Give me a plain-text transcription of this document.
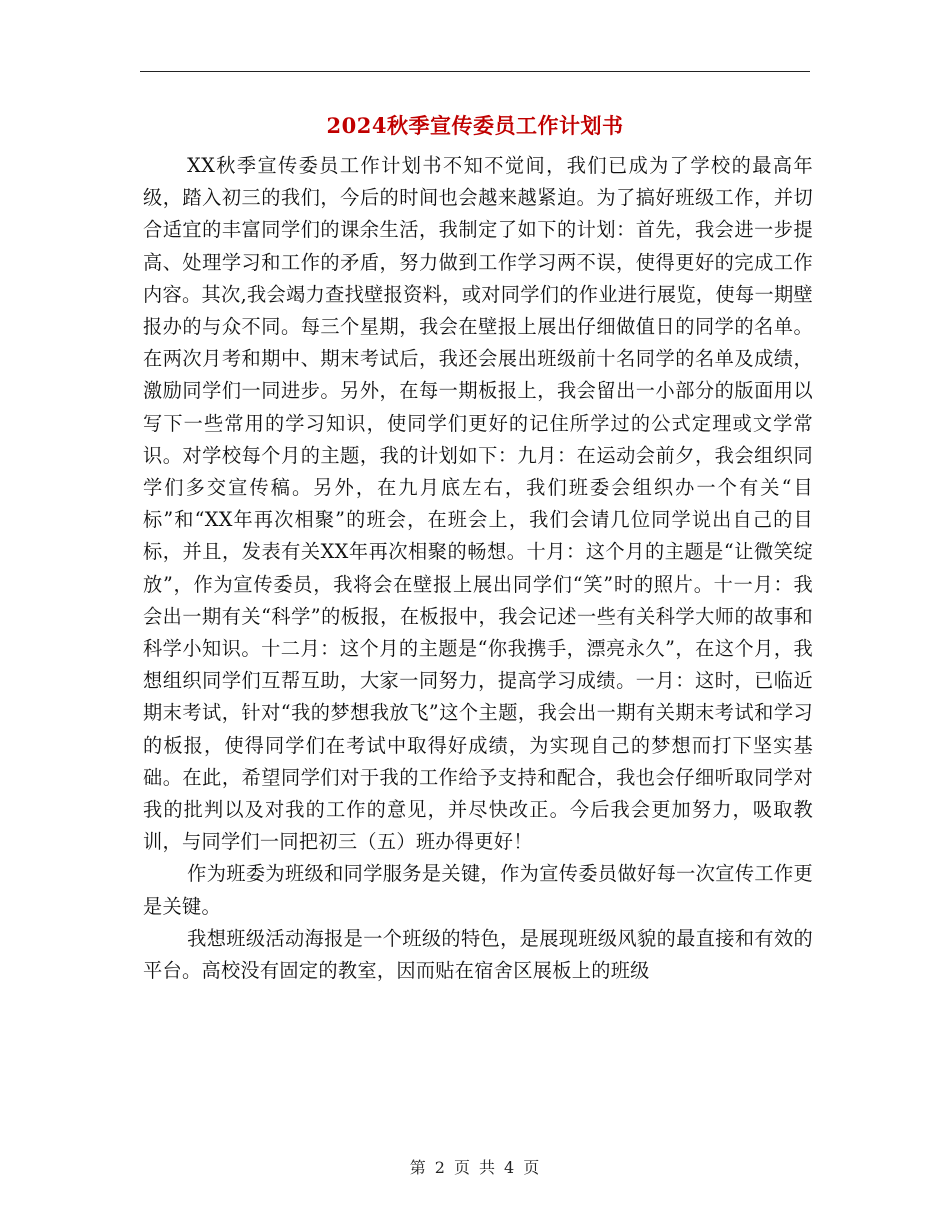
2024秋季宣传委员工作计划书

XX秋季宣传委员工作计划书不知不觉间，我们已成为了学校的最高年级，踏入初三的我们，今后的时间也会越来越紧迫。为了搞好班级工作，并切合适宜的丰富同学们的课余生活，我制定了如下的计划：首先，我会进一步提高、处理学习和工作的矛盾，努力做到工作学习两不误，使得更好的完成工作内容。其次,我会竭力查找壁报资料，或对同学们的作业进行展览，使每一期壁报办的与众不同。每三个星期，我会在壁报上展出仔细做值日的同学的名单。在两次月考和期中、期末考试后，我还会展出班级前十名同学的名单及成绩，激励同学们一同进步。另外，在每一期板报上，我会留出一小部分的版面用以写下一些常用的学习知识，使同学们更好的记住所学过的公式定理或文学常识。对学校每个月的主题，我的计划如下：九月：在运动会前夕，我会组织同学们多交宣传稿。另外，在九月底左右，我们班委会组织办一个有关“目标”和“XX年再次相聚”的班会，在班会上，我们会请几位同学说出自己的目标，并且，发表有关XX年再次相聚的畅想。十月：这个月的主题是“让微笑绽放”，作为宣传委员，我将会在壁报上展出同学们“笑”时的照片。十一月：我会出一期有关“科学”的板报，在板报中，我会记述一些有关科学大师的故事和科学小知识。十二月：这个月的主题是“你我携手，漂亮永久”，在这个月，我想组织同学们互帮互助，大家一同努力，提高学习成绩。一月：这时，已临近期末考试，针对“我的梦想我放飞”这个主题，我会出一期有关期末考试和学习的板报，使得同学们在考试中取得好成绩，为实现自己的梦想而打下坚实基础。在此，希望同学们对于我的工作给予支持和配合，我也会仔细听取同学对我的批判以及对我的工作的意见，并尽快改正。今后我会更加努力，吸取教训，与同学们一同把初三（五）班办得更好！

作为班委为班级和同学服务是关键，作为宣传委员做好每一次宣传工作更是关键。

我想班级活动海报是一个班级的特色，是展现班级风貌的最直接和有效的平台。高校没有固定的教室，因而贴在宿舍区展板上的班级

第 2 页 共 4 页
